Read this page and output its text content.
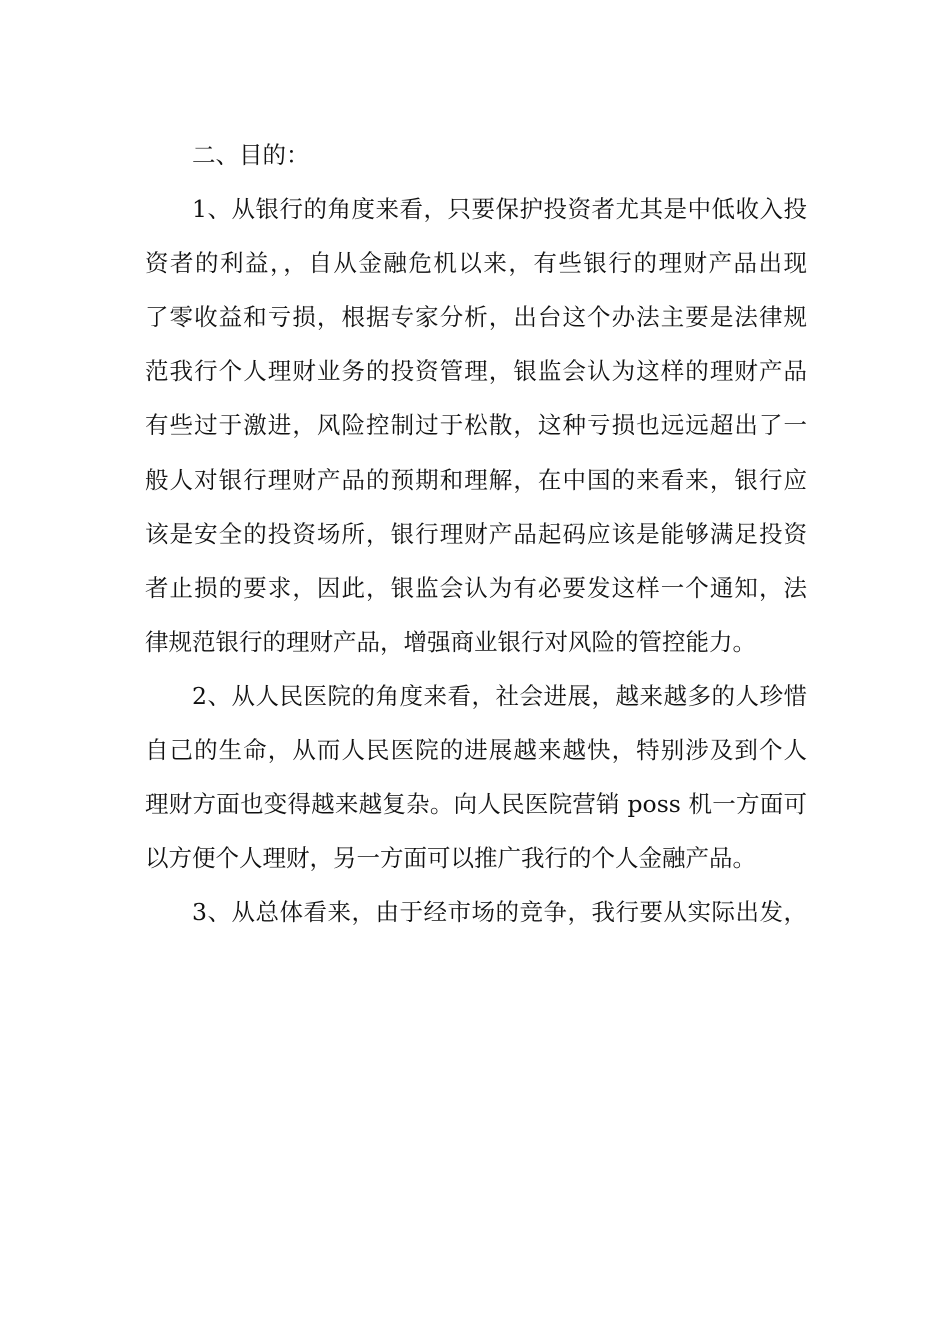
二、目的：
1、从银行的角度来看，只要保护投资者尤其是中低收入投
资者的利益，，自从金融危机以来，有些银行的理财产品出现
了零收益和亏损，根据专家分析，出台这个办法主要是法律规
范我行个人理财业务的投资管理，银监会认为这样的理财产品
有些过于激进，风险控制过于松散，这种亏损也远远超出了一
般人对银行理财产品的预期和理解，在中国的来看来，银行应
该是安全的投资场所，银行理财产品起码应该是能够满足投资
者止损的要求，因此，银监会认为有必要发这样一个通知，法
律规范银行的理财产品，增强商业银行对风险的管控能力。
2、从人民医院的角度来看，社会进展，越来越多的人珍惜
自己的生命，从而人民医院的进展越来越快，特别涉及到个人
理财方面也变得越来越复杂。向人民医院营销 poss 机一方面可
以方便个人理财，另一方面可以推广我行的个人金融产品。
3、从总体看来，由于经市场的竞争，我行要从实际出发，
